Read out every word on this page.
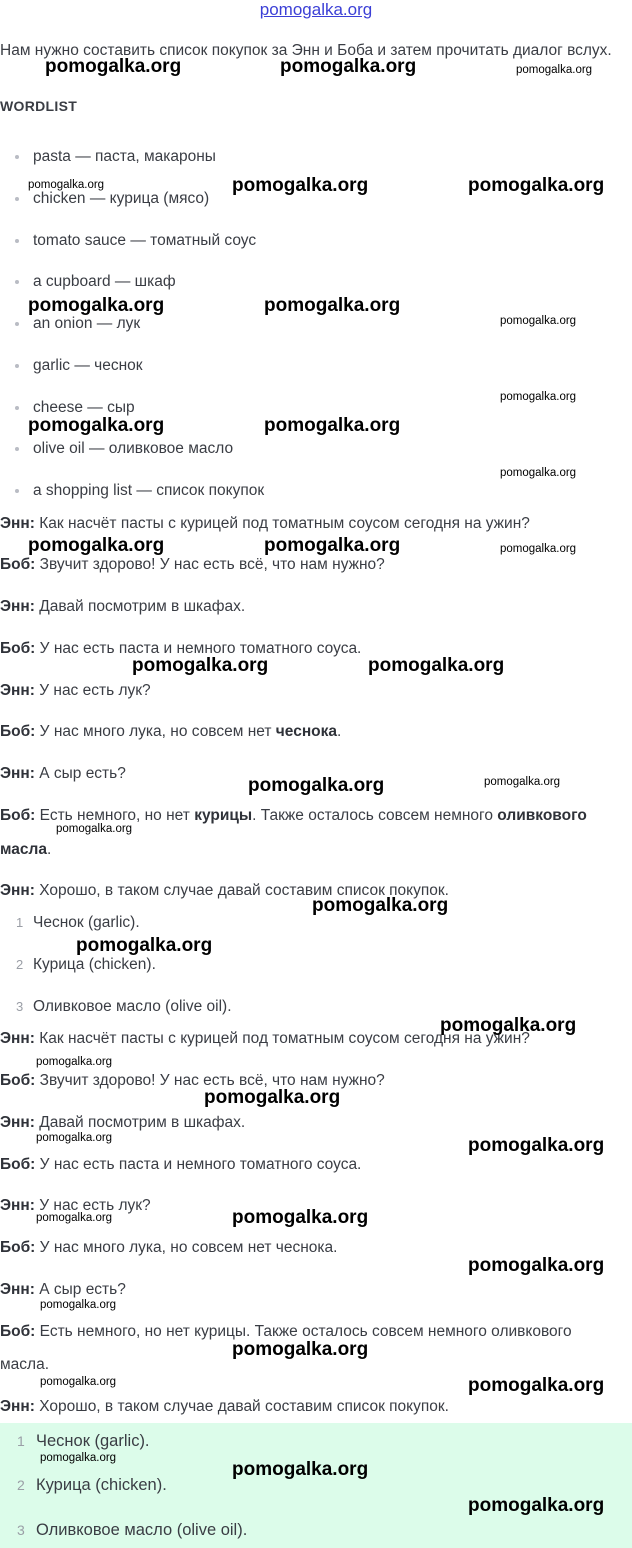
pomogalka.org
Нам нужно составить список покупок за Энн и Боба и затем прочитать диалог вслух.
WORDLIST
pasta — паста, макароны
chicken — курица (мясо)
tomato sauce — томатный соус
a cupboard — шкаф
an onion — лук
garlic — чеснок
cheese — сыр
olive oil — оливковое масло
a shopping list — список покупок
Энн: Как насчёт пасты с курицей под томатным соусом сегодня на ужин?
Боб: Звучит здорово! У нас есть всё, что нам нужно?
Энн: Давай посмотрим в шкафах.
Боб: У нас есть паста и немного томатного соуса.
Энн: У нас есть лук?
Боб: У нас много лука, но совсем нет чеснока.
Энн: А сыр есть?
Боб: Есть немного, но нет курицы. Также осталось совсем немного оливкового
масла.
Энн: Хорошо, в таком случае давай составим список покупок.
1 Чеснок (garlic).
2 Курица (chicken).
3 Оливковое масло (olive oil).
Энн: Как насчёт пасты с курицей под томатным соусом сегодня на ужин?
Боб: Звучит здорово! У нас есть всё, что нам нужно?
Энн: Давай посмотрим в шкафах.
Боб: У нас есть паста и немного томатного соуса.
Энн: У нас есть лук?
Боб: У нас много лука, но совсем нет чеснока.
Энн: А сыр есть?
Боб: Есть немного, но нет курицы. Также осталось совсем немного оливкового
масла.
Энн: Хорошо, в таком случае давай составим список покупок.
1 Чеснок (garlic).
2 Курица (chicken).
3 Оливковое масло (olive oil).
pomogalka.org	pomogalka.org	pomogalka.org
pomogalka.org	pomogalka.org	pomogalka.org
pomogalka.org	pomogalka.org
pomogalka.org
pomogalka.org
pomogalka.org	pomogalka.org
pomogalka.org
pomogalka.org	pomogalka.org	pomogalka.org
pomogalka.org	pomogalka.org
pomogalka.org	pomogalka.org
pomogalka.org
pomogalka.org
pomogalka.org
pomogalka.org
pomogalka.org
pomogalka.org
pomogalka.org	pomogalka.org
pomogalka.org	pomogalka.org
pomogalka.org
pomogalka.org
pomogalka.org
pomogalka.org	pomogalka.org
pomogalka.org
pomogalka.org
pomogalka.org
